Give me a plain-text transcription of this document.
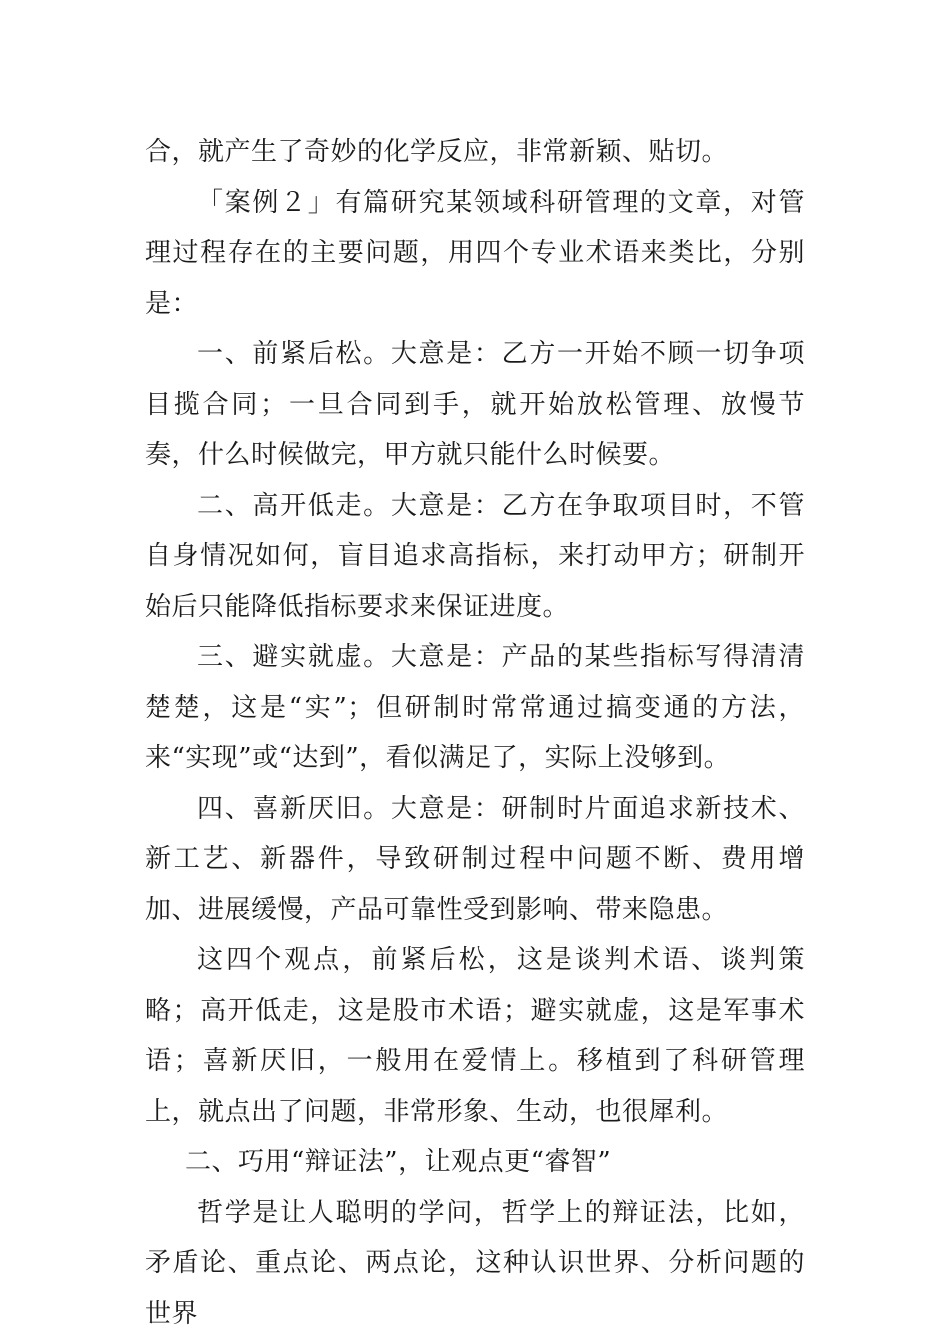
合，就产生了奇妙的化学反应，非常新颖、贴切。

「案例２」有篇研究某领域科研管理的文章，对管理过程存在的主要问题，用四个专业术语来类比，分别是：

一、前紧后松。大意是：乙方一开始不顾一切争项目揽合同；一旦合同到手，就开始放松管理、放慢节奏，什么时候做完，甲方就只能什么时候要。

二、高开低走。大意是：乙方在争取项目时，不管自身情况如何，盲目追求高指标，来打动甲方；研制开始后只能降低指标要求来保证进度。

三、避实就虚。大意是：产品的某些指标写得清清楚楚，这是“实”；但研制时常常通过搞变通的方法，来“实现”或“达到”，看似满足了，实际上没够到。

四、喜新厌旧。大意是：研制时片面追求新技术、新工艺、新器件，导致研制过程中问题不断、费用增加、进展缓慢，产品可靠性受到影响、带来隐患。

这四个观点，前紧后松，这是谈判术语、谈判策略；高开低走，这是股市术语；避实就虚，这是军事术语；喜新厌旧，一般用在爱情上。移植到了科研管理上，就点出了问题，非常形象、生动，也很犀利。

二、巧用“辩证法”，让观点更“睿智”

哲学是让人聪明的学问，哲学上的辩证法，比如，矛盾论、重点论、两点论，这种认识世界、分析问题的世界
